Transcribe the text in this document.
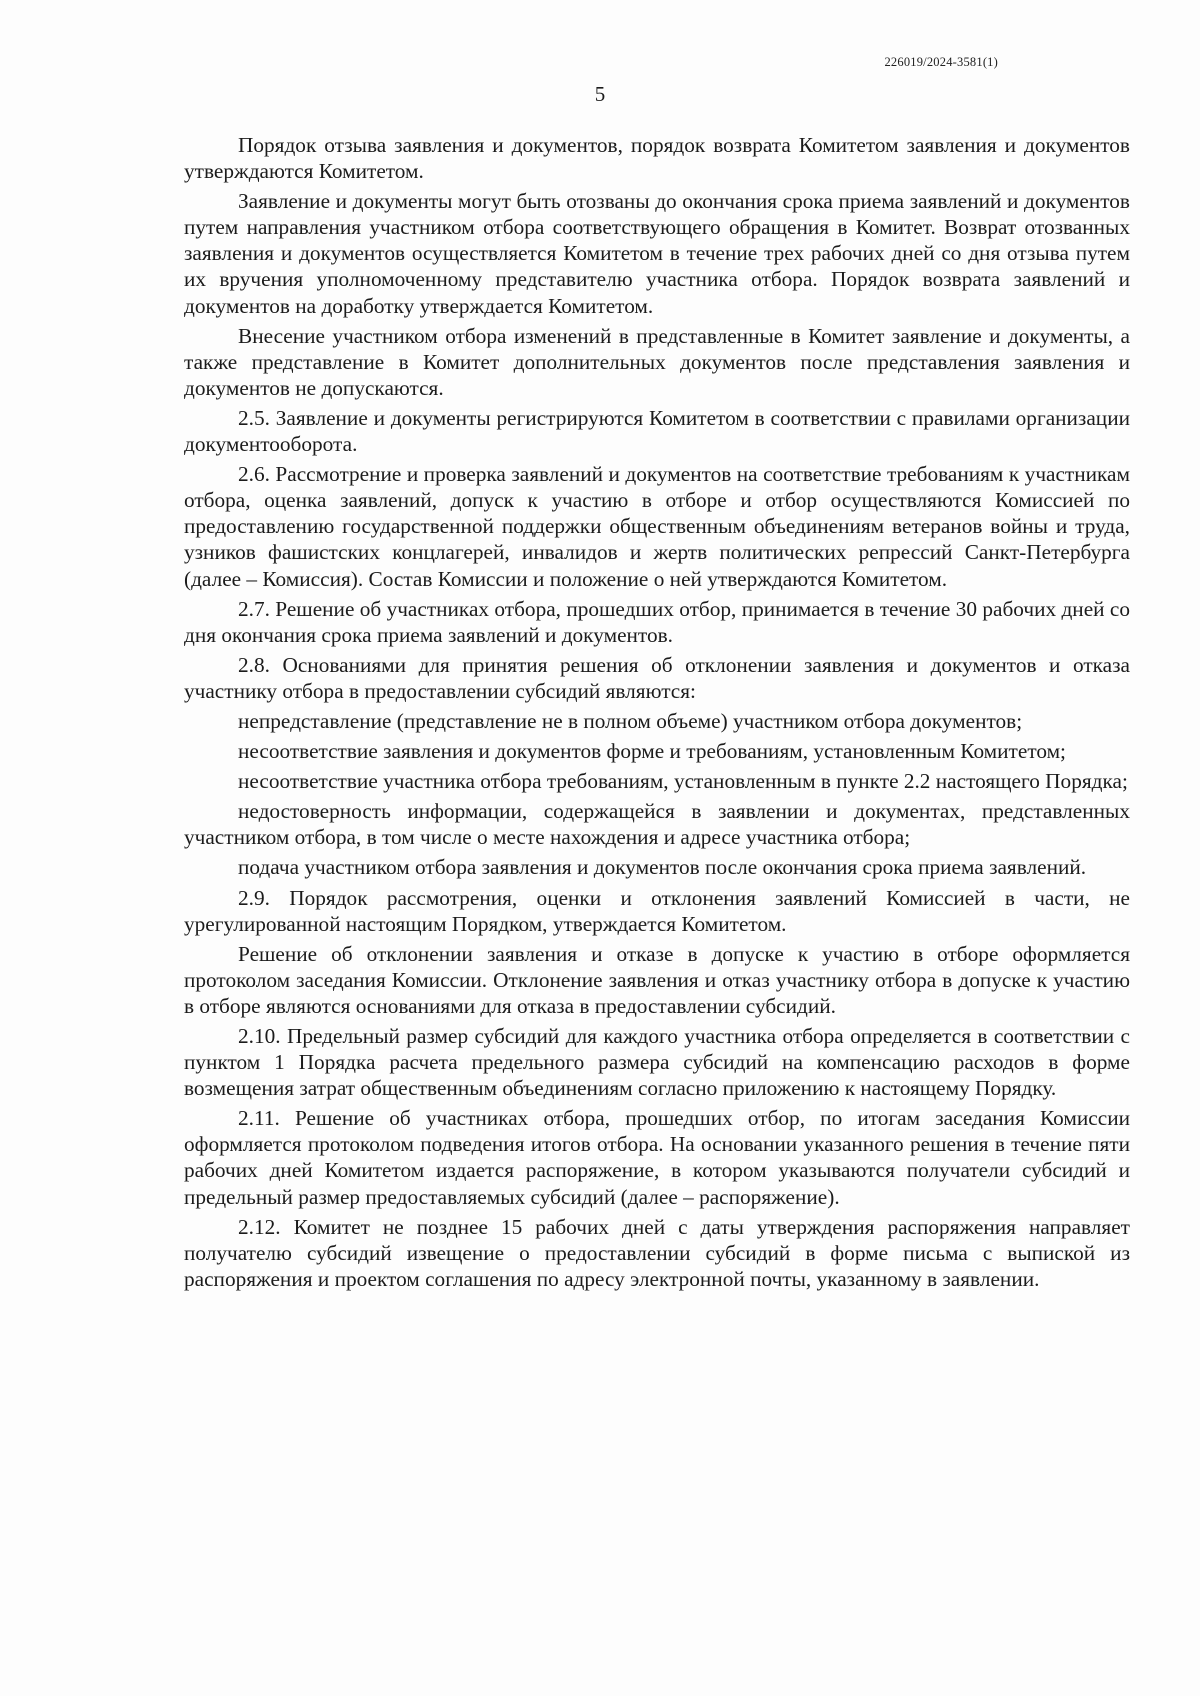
226019/2024-3581(1)
5

Порядок отзыва заявления и документов, порядок возврата Комитетом заявления и документов утверждаются Комитетом.

Заявление и документы могут быть отозваны до окончания срока приема заявлений и документов путем направления участником отбора соответствующего обращения в Комитет. Возврат отозванных заявления и документов осуществляется Комитетом в течение трех рабочих дней со дня отзыва путем их вручения уполномоченному представителю участника отбора. Порядок возврата заявлений и документов на доработку утверждается Комитетом.

Внесение участником отбора изменений в представленные в Комитет заявление и документы, а также представление в Комитет дополнительных документов после представления заявления и документов не допускаются.

2.5. Заявление и документы регистрируются Комитетом в соответствии с правилами организации документооборота.

2.6. Рассмотрение и проверка заявлений и документов на соответствие требованиям к участникам отбора, оценка заявлений, допуск к участию в отборе и отбор осуществляются Комиссией по предоставлению государственной поддержки общественным объединениям ветеранов войны и труда, узников фашистских концлагерей, инвалидов и жертв политических репрессий Санкт-Петербурга (далее – Комиссия). Состав Комиссии и положение о ней утверждаются Комитетом.

2.7. Решение об участниках отбора, прошедших отбор, принимается в течение 30 рабочих дней со дня окончания срока приема заявлений и документов.

2.8. Основаниями для принятия решения об отклонении заявления и документов и отказа участнику отбора в предоставлении субсидий являются:

непредставление (представление не в полном объеме) участником отбора документов;

несоответствие заявления и документов форме и требованиям, установленным Комитетом;

несоответствие участника отбора требованиям, установленным в пункте 2.2 настоящего Порядка;

недостоверность информации, содержащейся в заявлении и документах, представленных участником отбора, в том числе о месте нахождения и адресе участника отбора;

подача участником отбора заявления и документов после окончания срока приема заявлений.

2.9. Порядок рассмотрения, оценки и отклонения заявлений Комиссией в части, не урегулированной настоящим Порядком, утверждается Комитетом.

Решение об отклонении заявления и отказе в допуске к участию в отборе оформляется протоколом заседания Комиссии. Отклонение заявления и отказ участнику отбора в допуске к участию в отборе являются основаниями для отказа в предоставлении субсидий.

2.10. Предельный размер субсидий для каждого участника отбора определяется в соответствии с пунктом 1 Порядка расчета предельного размера субсидий на компенсацию расходов в форме возмещения затрат общественным объединениям согласно приложению к настоящему Порядку.

2.11. Решение об участниках отбора, прошедших отбор, по итогам заседания Комиссии оформляется протоколом подведения итогов отбора. На основании указанного решения в течение пяти рабочих дней Комитетом издается распоряжение, в котором указываются получатели субсидий и предельный размер предоставляемых субсидий (далее – распоряжение).

2.12. Комитет не позднее 15 рабочих дней с даты утверждения распоряжения направляет получателю субсидий извещение о предоставлении субсидий в форме письма с выпиской из распоряжения и проектом соглашения по адресу электронной почты, указанному в заявлении.
